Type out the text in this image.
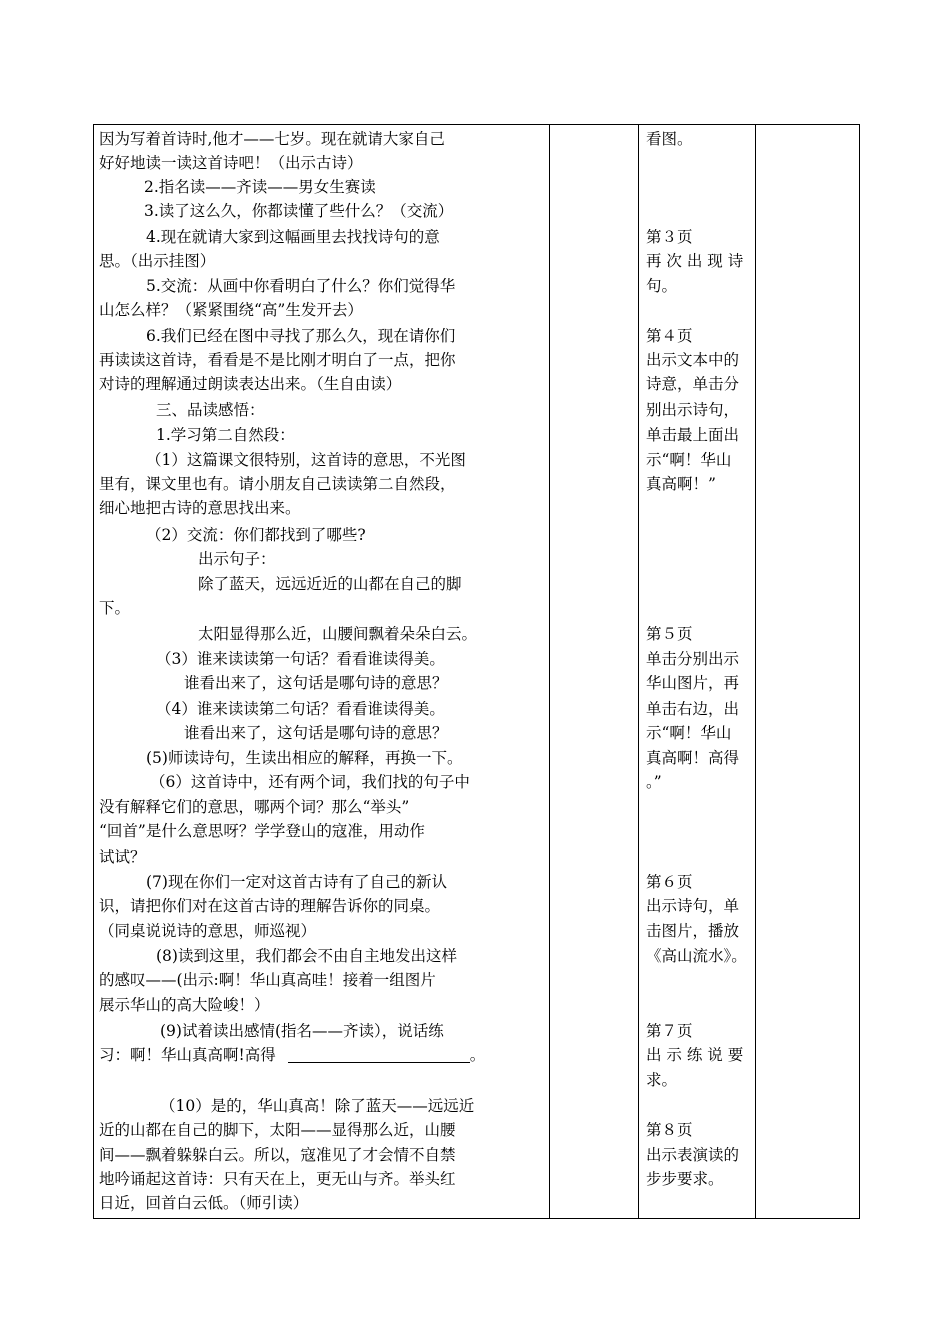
因为写着首诗时,他才——七岁。现在就请大家自己
好好地读一读这首诗吧！（出示古诗）
2.指名读——齐读——男女生赛读
3.读了这么久，你都读懂了些什么？（交流）
4.现在就请大家到这幅画里去找找诗句的意
思。（出示挂图）
5.交流：从画中你看明白了什么？你们觉得华
山怎么样？（紧紧围绕“高”生发开去）
6.我们已经在图中寻找了那么久，现在请你们
再读读这首诗，看看是不是比刚才明白了一点，把你
对诗的理解通过朗读表达出来。（生自由读）
三、品读感悟：
1.学习第二自然段：
（1）这篇课文很特别，这首诗的意思，不光图
里有，课文里也有。请小朋友自己读读第二自然段，
细心地把古诗的意思找出来。
（2）交流：你们都找到了哪些?
出示句子：
除了蓝天，远远近近的山都在自己的脚
下。
太阳显得那么近，山腰间飘着朵朵白云。
（3）谁来读读第一句话？看看谁读得美。
谁看出来了，这句话是哪句诗的意思？
（4）谁来读读第二句话？看看谁读得美。
谁看出来了，这句话是哪句诗的意思？
(5)师读诗句，生读出相应的解释，再换一下。
（6）这首诗中，还有两个词，我们找的句子中
没有解释它们的意思，哪两个词？那么“举头”
“回首”是什么意思呀？学学登山的寇准，用动作
试试？
(7)现在你们一定对这首古诗有了自己的新认
识，请把你们对在这首古诗的理解告诉你的同桌。
（同桌说说诗的意思，师巡视）
(8)读到这里，我们都会不由自主地发出这样
的感叹——(出示:啊！华山真高哇！接着一组图片
展示华山的高大险峻！）
(9)试着读出感情(指名——齐读），说话练
习：啊！华山真高啊!高得	。
（10）是的，华山真高！除了蓝天——远远近
近的山都在自己的脚下，太阳——显得那么近，山腰
间——飘着躲躲白云。所以，寇准见了才会情不自禁
地吟诵起这首诗：只有天在上，更无山与齐。举头红
日近，回首白云低。（师引读）
看图。
第３页
再 次 出 现 诗
句。
第４页
出示文本中的
诗意，单击分
别出示诗句，
单击最上面出
示“啊！华山
真高啊！”
第５页
单击分别出示
华山图片，再
单击右边，出
示“啊！华山
真高啊！高得
。”
第６页
出示诗句，单
击图片，播放
《高山流水》。
第７页
出 示 练 说 要
求。
第８页
出示表演读的
步步要求。
